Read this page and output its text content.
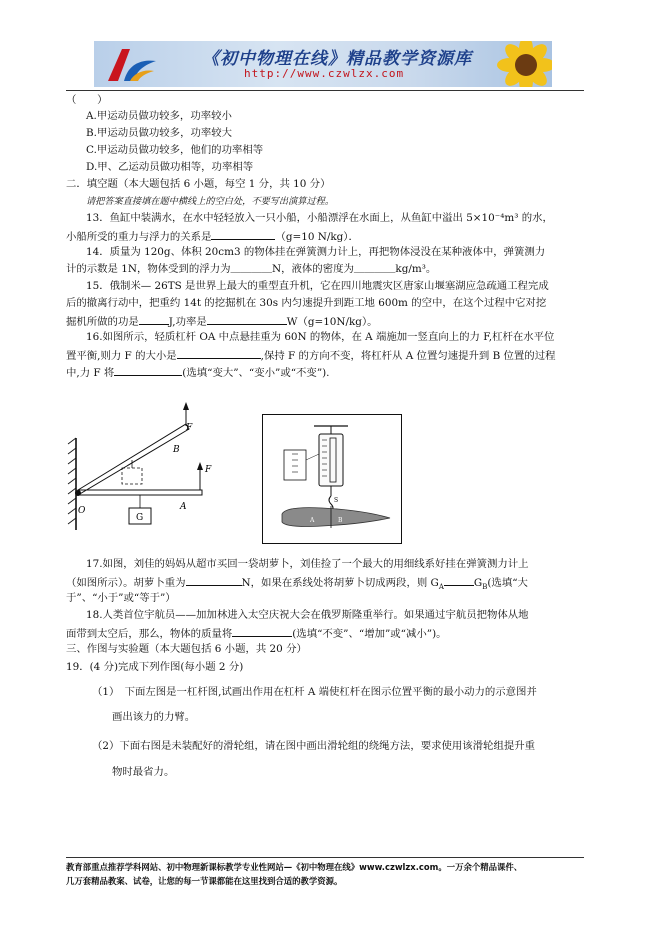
《初中物理在线》精品教学资源库
http://www.czwlzx.com
（　　）
A.甲运动员做功较多，功率较小
B.甲运动员做功较多，功率较大
C.甲运动员做功较多，他们的功率相等
D.甲、乙运动员做功相等，功率相等
二．填空题（本大题包括 6 小题，每空 1 分，共 10 分）
请把答案直接填在题中横线上的空白处，不要写出演算过程。
13．鱼缸中装满水，在水中轻轻放入一只小船，小船漂浮在水面上，从鱼缸中溢出 5×10⁻⁴m³ 的水，
小船所受的重力与浮力的关系是	（g=10 N/kg）．
14．质量为 120g、体积 20cm3 的物体挂在弹簧测力计上，再把物体浸没在某种液体中，弹簧测力
计的示数是 1N，物体受到的浮力为＿＿＿＿N，液体的密度为＿＿＿＿kg/m³。
15．俄制米— 26TS 是世界上最大的重型直升机，它在四川地震灾区唐家山堰塞湖应急疏通工程完成
后的撤离行动中，把重约 14t 的挖掘机在 30s 内匀速提升到距工地 600m 的空中，在这个过程中它对挖
掘机所做的功是	J,功率是	W（g=10N/kg）。
16.如图所示，轻质杠杆 OA 中点悬挂重为 60N 的物体，在 A 端施加一竖直向上的力 F,杠杆在水平位
置平衡,则力 F 的大小是	,保持 F 的方向不变，将杠杆从 A 位置匀速提升到 B 位置的过程
中,力 F 将	(选填“变大”、“变小”或“不变”).
F
B
F
O
G
A
A	B
S
17.如图，刘佳的妈妈从超市买回一袋胡萝卜，刘佳捡了一个最大的用细线系好挂在弹簧测力计上
（如图所示）。胡萝卜重为	N，如果在系线处将胡萝卜切成两段，则 $G_A$	$G_B$(选填“大
于”、“小于”或“等于”）
18.人类首位宇航员——加加林进入太空庆祝大会在俄罗斯隆重举行。如果通过宇航员把物体从地
面带到太空后，那么，物体的质量将	(选填“不变”、“增加”或“减小”)。
三、作图与实验题（本大题包括 6 小题，共 20 分）
19．(4 分)完成下列作图(每小题 2 分)
（1）　下面左图是一杠杆图,试画出作用在杠杆 A 端使杠杆在图示位置平衡的最小动力的示意图并
画出该力的力臂。
（2）下面右图是未装配好的滑轮组，请在图中画出滑轮组的绕绳方法，要求使用该滑轮组提升重
物时最省力。
教育部重点推荐学科网站、初中物理新课标教学专业性网站—《初中物理在线》www.czwlzx.com。一万余个精品课件、
几万套精品教案、试卷，让您的每一节课都能在这里找到合适的教学资源。
